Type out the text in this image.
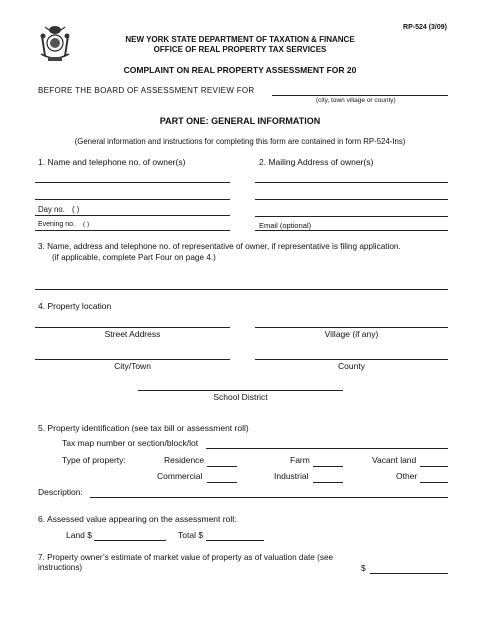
RP-524 (3/09)
NEW YORK STATE DEPARTMENT OF TAXATION & FINANCE
OFFICE OF REAL PROPERTY TAX SERVICES
COMPLAINT ON REAL PROPERTY ASSESSMENT FOR 20
BEFORE THE BOARD OF ASSESSMENT REVIEW FOR
(city, town village or county)
PART ONE: GENERAL INFORMATION
(General information and instructions for completing this form are contained in form RP-524-Ins)
1. Name and telephone no. of owner(s)	2. Mailing Address of owner(s)
Day no. ( )
Evening no. ( )	Email (optional)
3. Name, address and telephone no. of representative of owner, if representative is filing application.
(if applicable, complete Part Four on page 4.)
4. Property location
Street Address	Village (if any)
City/Town	County
School District
5. Property identification (see tax bill or assessment roll)
Tax map number or section/block/lot
Type of property:	Residence	Farm	Vacant land
Commercial	Industrial	Other
Description:
6. Assessed value appearing on the assessment roll:
Land $	Total $
7. Property owner’s estimate of market value of property as of valuation date (see
instructions)	$
